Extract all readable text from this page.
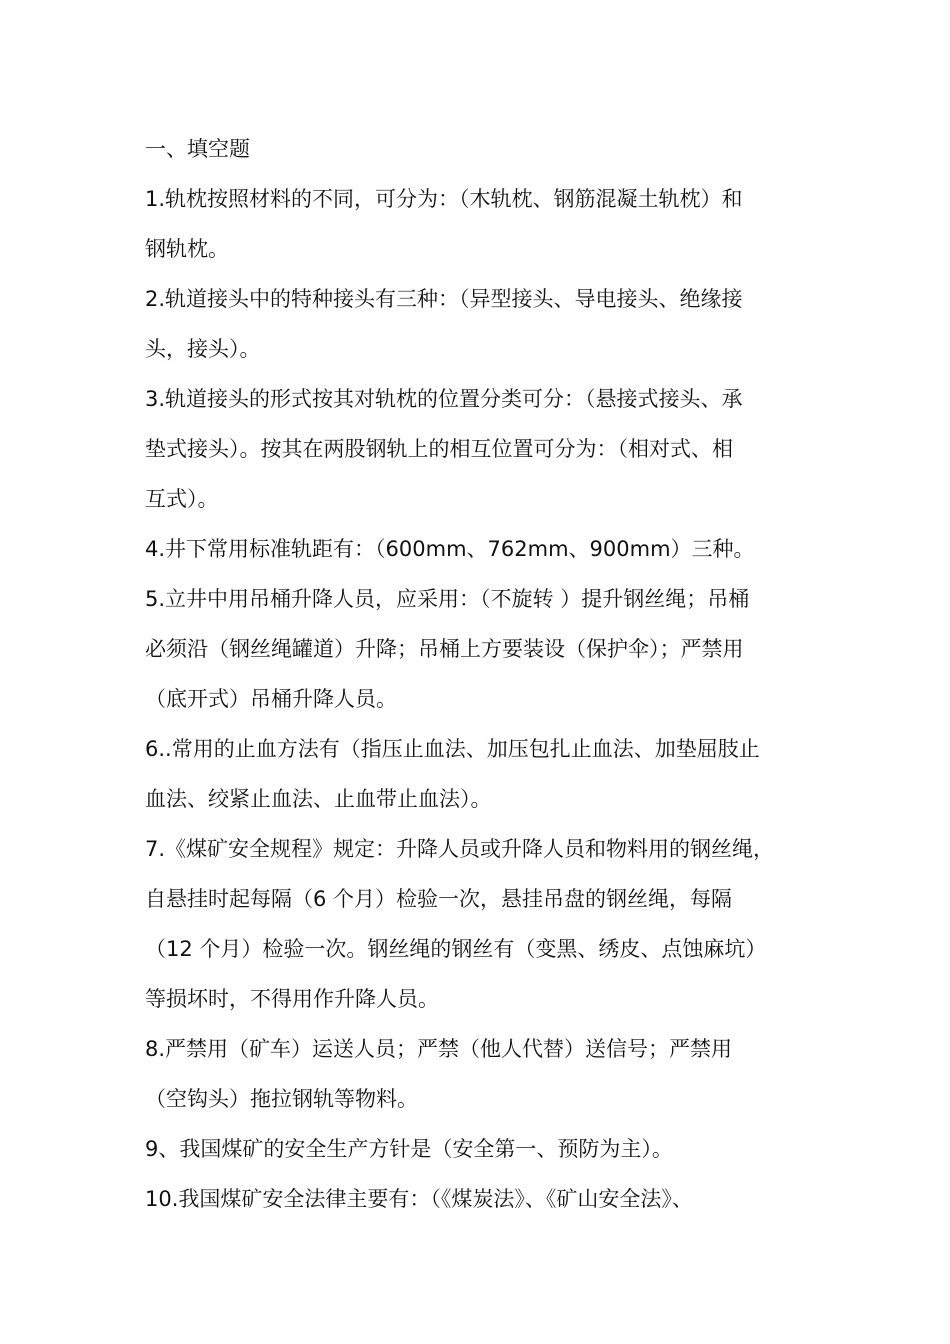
一、填空题
1.轨枕按照材料的不同，可分为：（木轨枕、钢筋混凝土轨枕）和
钢轨枕。
2.轨道接头中的特种接头有三种：（异型接头、导电接头、绝缘接
头，接头）。
3.轨道接头的形式按其对轨枕的位置分类可分：（悬接式接头、承
垫式接头）。按其在两股钢轨上的相互位置可分为：（相对式、相
互式）。
4.井下常用标准轨距有：（600mm、762mm、900mm）三种。
5.立井中用吊桶升降人员，应采用：（不旋转 ）提升钢丝绳；吊桶
必须沿（钢丝绳罐道）升降；吊桶上方要装设（保护伞）；严禁用
（底开式）吊桶升降人员。
6..常用的止血方法有（指压止血法、加压包扎止血法、加垫屈肢止
血法、绞紧止血法、止血带止血法）。
7.《煤矿安全规程》规定：升降人员或升降人员和物料用的钢丝绳，
自悬挂时起每隔（6 个月）检验一次，悬挂吊盘的钢丝绳，每隔
（12 个月）检验一次。钢丝绳的钢丝有（变黑、绣皮、点蚀麻坑）
等损坏时，不得用作升降人员。
8.严禁用（矿车）运送人员；严禁（他人代替）送信号；严禁用
（空钩头）拖拉钢轨等物料。
9、我国煤矿的安全生产方针是（安全第一、预防为主）。
10.我国煤矿安全法律主要有：（《煤炭法》、《矿山安全法》、
